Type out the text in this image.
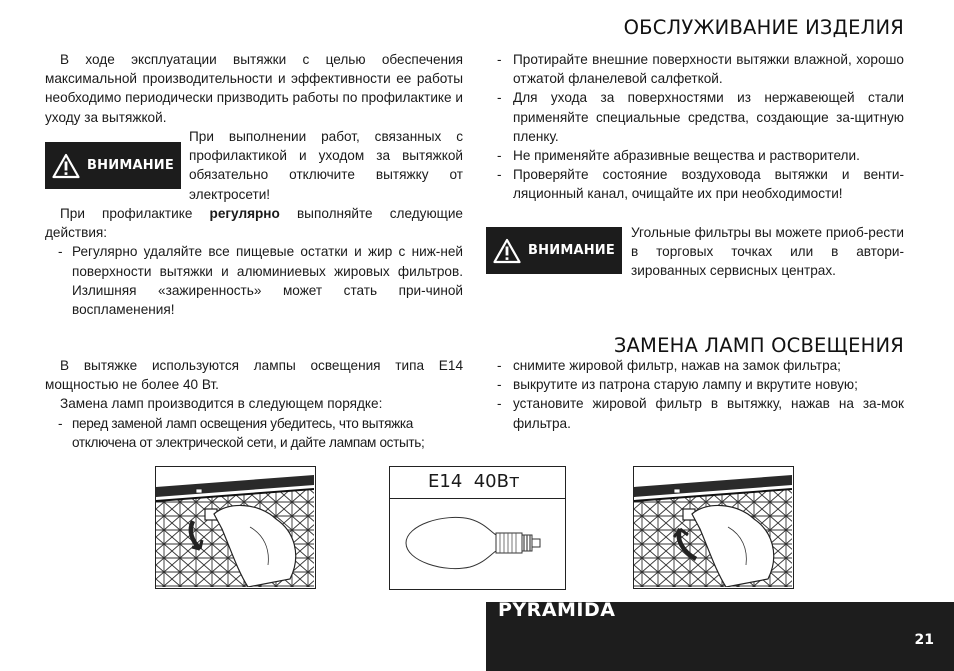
ОБСЛУЖИВАНИЕ ИЗДЕЛИЯ

В ходе эксплуатации вытяжки с целью обеспечения максимальной производительности и эффективности ее работы необходимо периодически призводить работы по профилактике и уходу за вытяжкой.

ВНИМАНИЕ

При выполнении работ, связанных с профилактикой и уходом за вытяжкой обязательно отключите вытяжку от электросети!

При профилактике регулярно выполняйте следующие действия:

- Регулярно удаляйте все пищевые остатки и жир с ниж-ней поверхности вытяжки и алюминиевых жировых фильтров. Излишняя «зажиренность» может стать при-чиной воспламенения!
- Протирайте внешние поверхности вытяжки влажной, хорошо отжатой фланелевой салфеткой.
- Для ухода за поверхностями из нержавеющей стали применяйте специальные средства, создающие за-щитную пленку.
- Не применяйте абразивные вещества и растворители.
- Проверяйте состояние воздуховода вытяжки и венти-ляционный канал, очищайте их при необходимости!
ВНИМАНИЕ

Угольные фильтры вы можете приоб-рести в торговых точках или в автори-зированных сервисных центрах.

ЗАМЕНА ЛАМП ОСВЕЩЕНИЯ

В вытяжке используются лампы освещения типа E14 мощностью не более 40 Вт.

Замена ламп производится в следующем порядке:

- перед заменой ламп освещения убедитесь, что вытяжка отключена от электрической сети, и дайте лампам остыть;
- снимите жировой фильтр, нажав на замок фильтра;
- выкрутите из патрона старую лампу и вкрутите новую;
- установите жировой фильтр в вытяжку, нажав на за-мок фильтра.
E14  40Вт
PYRAMIDA
21
